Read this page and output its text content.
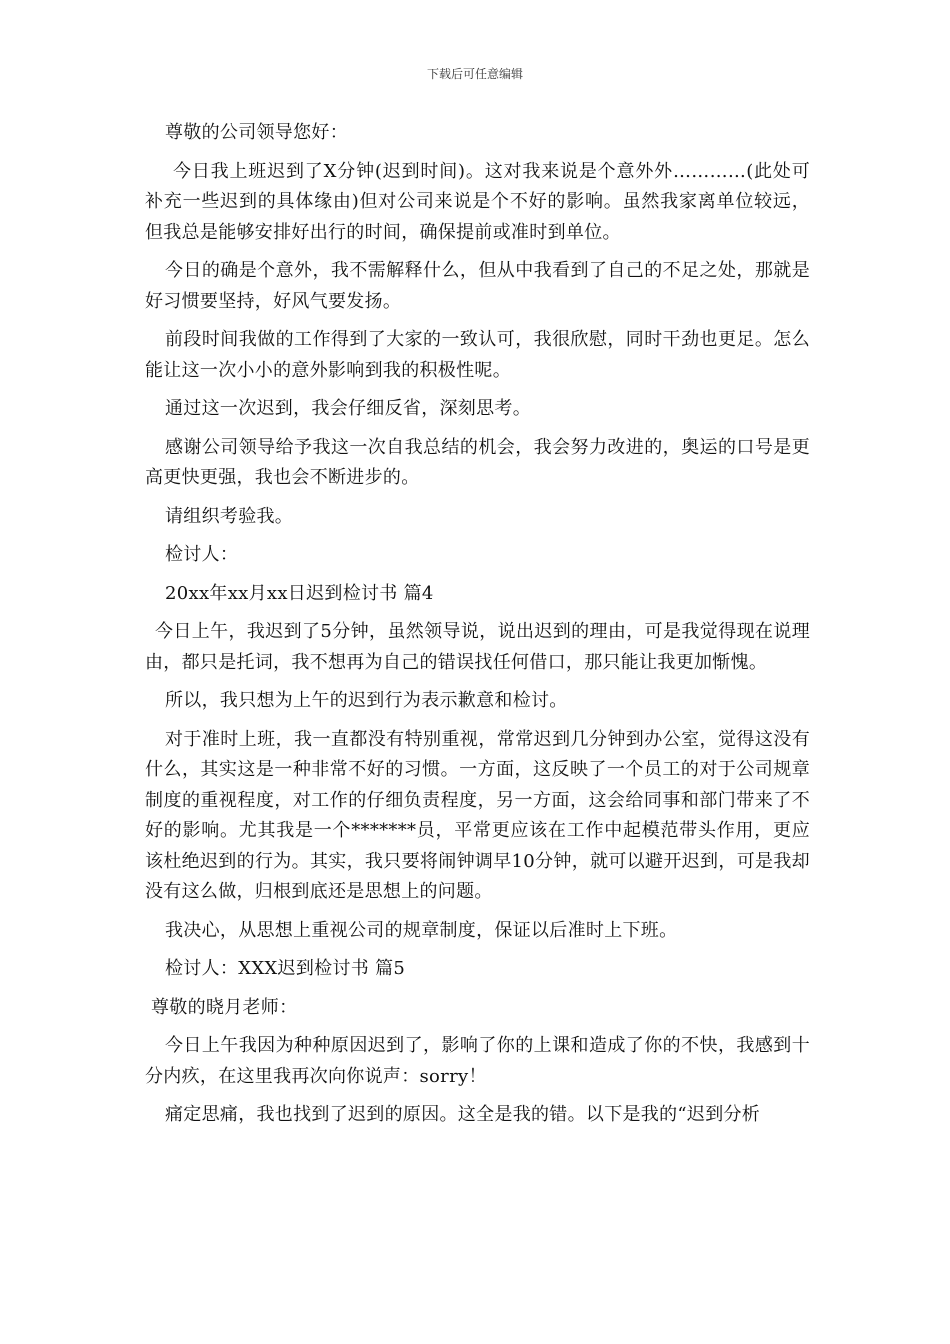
下载后可任意编辑

尊敬的公司领导您好：

今日我上班迟到了X分钟(迟到时间)。这对我来说是个意外外…………(此处可补充一些迟到的具体缘由)但对公司来说是个不好的影响。虽然我家离单位较远，但我总是能够安排好出行的时间，确保提前或准时到单位。

今日的确是个意外，我不需解释什么，但从中我看到了自己的不足之处，那就是好习惯要坚持，好风气要发扬。

前段时间我做的工作得到了大家的一致认可，我很欣慰，同时干劲也更足。怎么能让这一次小小的意外影响到我的积极性呢。

通过这一次迟到，我会仔细反省，深刻思考。

感谢公司领导给予我这一次自我总结的机会，我会努力改进的，奥运的口号是更高更快更强，我也会不断进步的。

请组织考验我。

检讨人：

20xx年xx月xx日迟到检讨书 篇4

今日上午，我迟到了5分钟，虽然领导说，说出迟到的理由，可是我觉得现在说理由，都只是托词，我不想再为自己的错误找任何借口，那只能让我更加惭愧。

所以，我只想为上午的迟到行为表示歉意和检讨。

对于准时上班，我一直都没有特别重视，常常迟到几分钟到办公室，觉得这没有什么，其实这是一种非常不好的习惯。一方面，这反映了一个员工的对于公司规章制度的重视程度，对工作的仔细负责程度，另一方面，这会给同事和部门带来了不好的影响。尤其我是一个*******员，平常更应该在工作中起模范带头作用，更应该杜绝迟到的行为。其实，我只要将闹钟调早10分钟，就可以避开迟到，可是我却没有这么做，归根到底还是思想上的问题。

我决心，从思想上重视公司的规章制度，保证以后准时上下班。

检讨人：XXX迟到检讨书 篇5

尊敬的晓月老师：

今日上午我因为种种原因迟到了，影响了你的上课和造成了你的不快，我感到十分内疚，在这里我再次向你说声：sorry！

痛定思痛，我也找到了迟到的原因。这全是我的错。以下是我的“迟到分析
